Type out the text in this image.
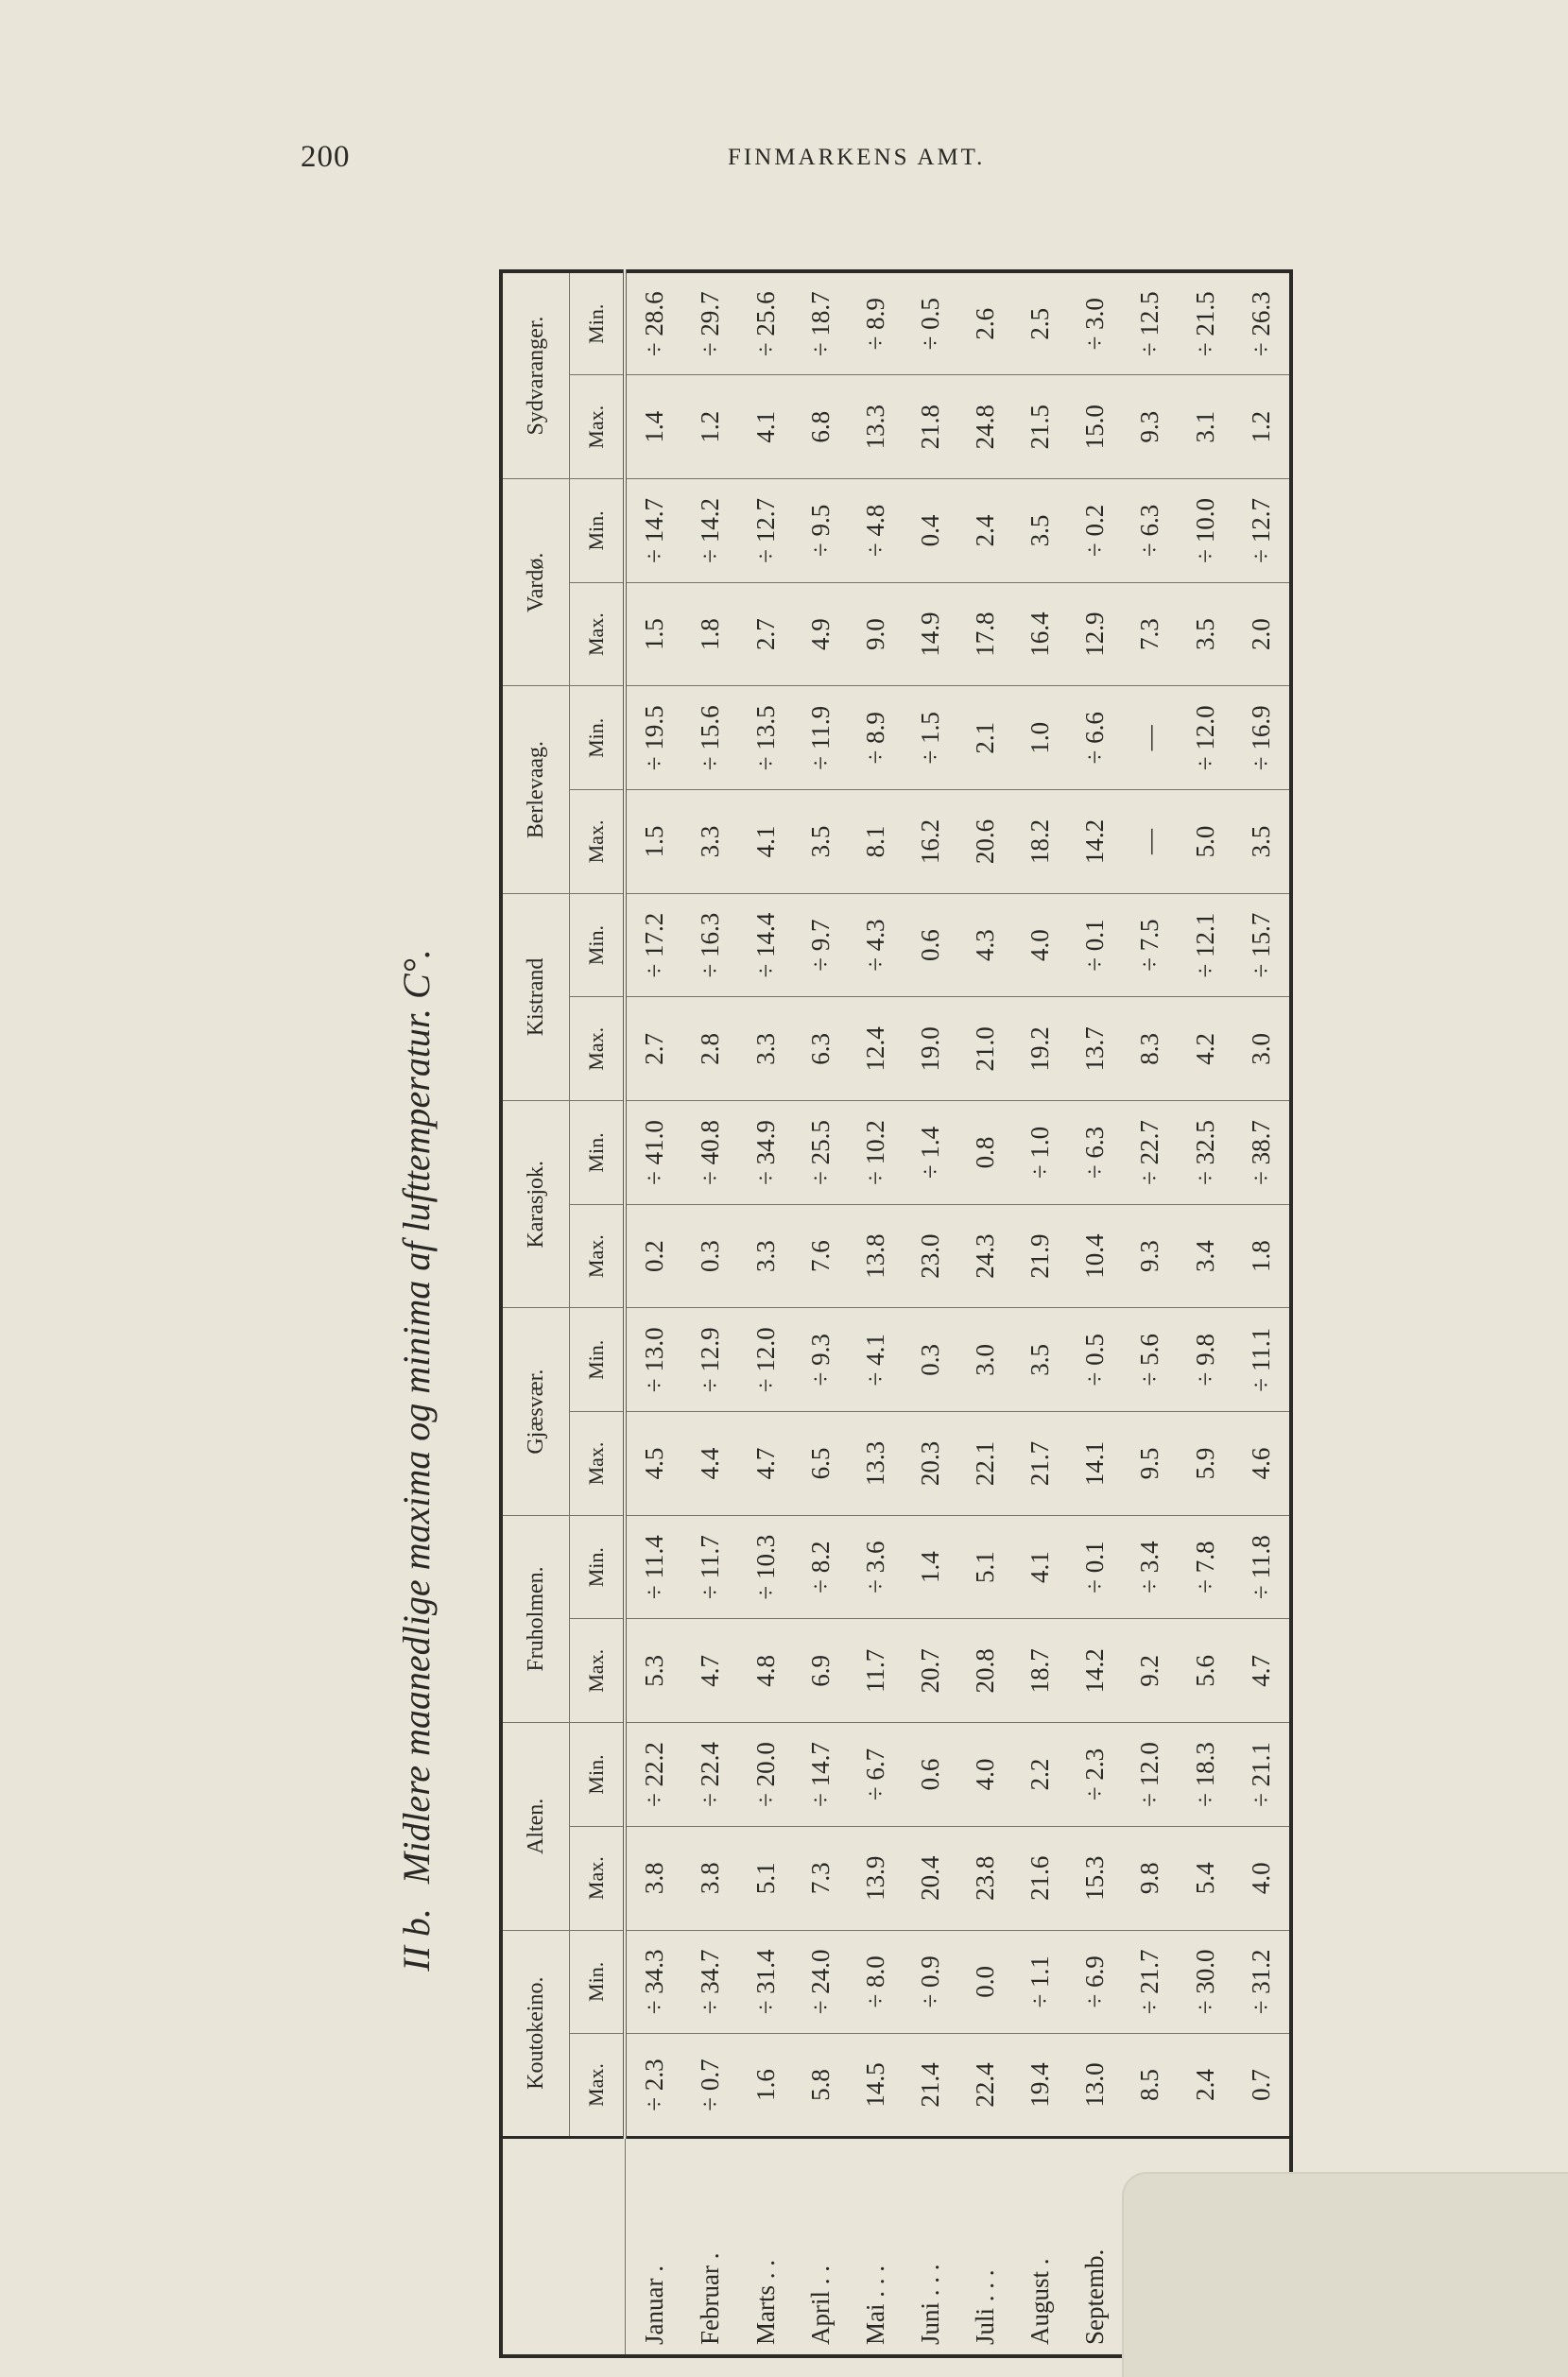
200	FINMARKENS AMT.
II b.
Midlere maanedlige maxima og minima af lufttemperatur. C°.
	Koutokeino.		Alten.		Fruholmen.		Gjæsvær.		Karasjok.		Kistrand		Berlevaag.		Vardø.		Sydvaranger.	
	Max.	Min.	Max.	Min.	Max.	Min.	Max.	Min.	Max.	Min.	Max.	Min.	Max.	Min.	Max.	Min.	Max.	Min.
Januar .	÷ 2.3	÷ 34.3	3.8	÷ 22.2	5.3	÷ 11.4	4.5	÷ 13.0	0.2	÷ 41.0	2.7	÷ 17.2	1.5	÷ 19.5	1.5	÷ 14.7	1.4	÷ 28.6
Februar .	÷ 0.7	÷ 34.7	3.8	÷ 22.4	4.7	÷ 11.7	4.4	÷ 12.9	0.3	÷ 40.8	2.8	÷ 16.3	3.3	÷ 15.6	1.8	÷ 14.2	1.2	÷ 29.7
Marts . .	1.6	÷ 31.4	5.1	÷ 20.0	4.8	÷ 10.3	4.7	÷ 12.0	3.3	÷ 34.9	3.3	÷ 14.4	4.1	÷ 13.5	2.7	÷ 12.7	4.1	÷ 25.6
April . .	5.8	÷ 24.0	7.3	÷ 14.7	6.9	÷ 8.2	6.5	÷ 9.3	7.6	÷ 25.5	6.3	÷ 9.7	3.5	÷ 11.9	4.9	÷ 9.5	6.8	÷ 18.7
Mai . . .	14.5	÷ 8.0	13.9	÷ 6.7	11.7	÷ 3.6	13.3	÷ 4.1	13.8	÷ 10.2	12.4	÷ 4.3	8.1	÷ 8.9	9.0	÷ 4.8	13.3	÷ 8.9
Juni . . .	21.4	÷ 0.9	20.4	0.6	20.7	1.4	20.3	0.3	23.0	÷ 1.4	19.0	0.6	16.2	÷ 1.5	14.9	0.4	21.8	÷ 0.5
Juli . . .	22.4	0.0	23.8	4.0	20.8	5.1	22.1	3.0	24.3	0.8	21.0	4.3	20.6	2.1	17.8	2.4	24.8	2.6
August .	19.4	÷ 1.1	21.6	2.2	18.7	4.1	21.7	3.5	21.9	÷ 1.0	19.2	4.0	18.2	1.0	16.4	3.5	21.5	2.5
Septemb.	13.0	÷ 6.9	15.3	÷ 2.3	14.2	÷ 0.1	14.1	÷ 0.5	10.4	÷ 6.3	13.7	÷ 0.1	14.2	÷ 6.6	12.9	÷ 0.2	15.0	÷ 3.0
	8.5	÷ 21.7	9.8	÷ 12.0	9.2	÷ 3.4	9.5	÷ 5.6	9.3	÷ 22.7	8.3	÷ 7.5	—	—	7.3	÷ 6.3	9.3	÷ 12.5
	2.4	÷ 30.0	5.4	÷ 18.3	5.6	÷ 7.8	5.9	÷ 9.8	3.4	÷ 32.5	4.2	÷ 12.1	5.0	÷ 12.0	3.5	÷ 10.0	3.1	÷ 21.5
	0.7	÷ 31.2	4.0	÷ 21.1	4.7	÷ 11.8	4.6	÷ 11.1	1.8	÷ 38.7	3.0	÷ 15.7	3.5	÷ 16.9	2.0	÷ 12.7	1.2	÷ 26.3
